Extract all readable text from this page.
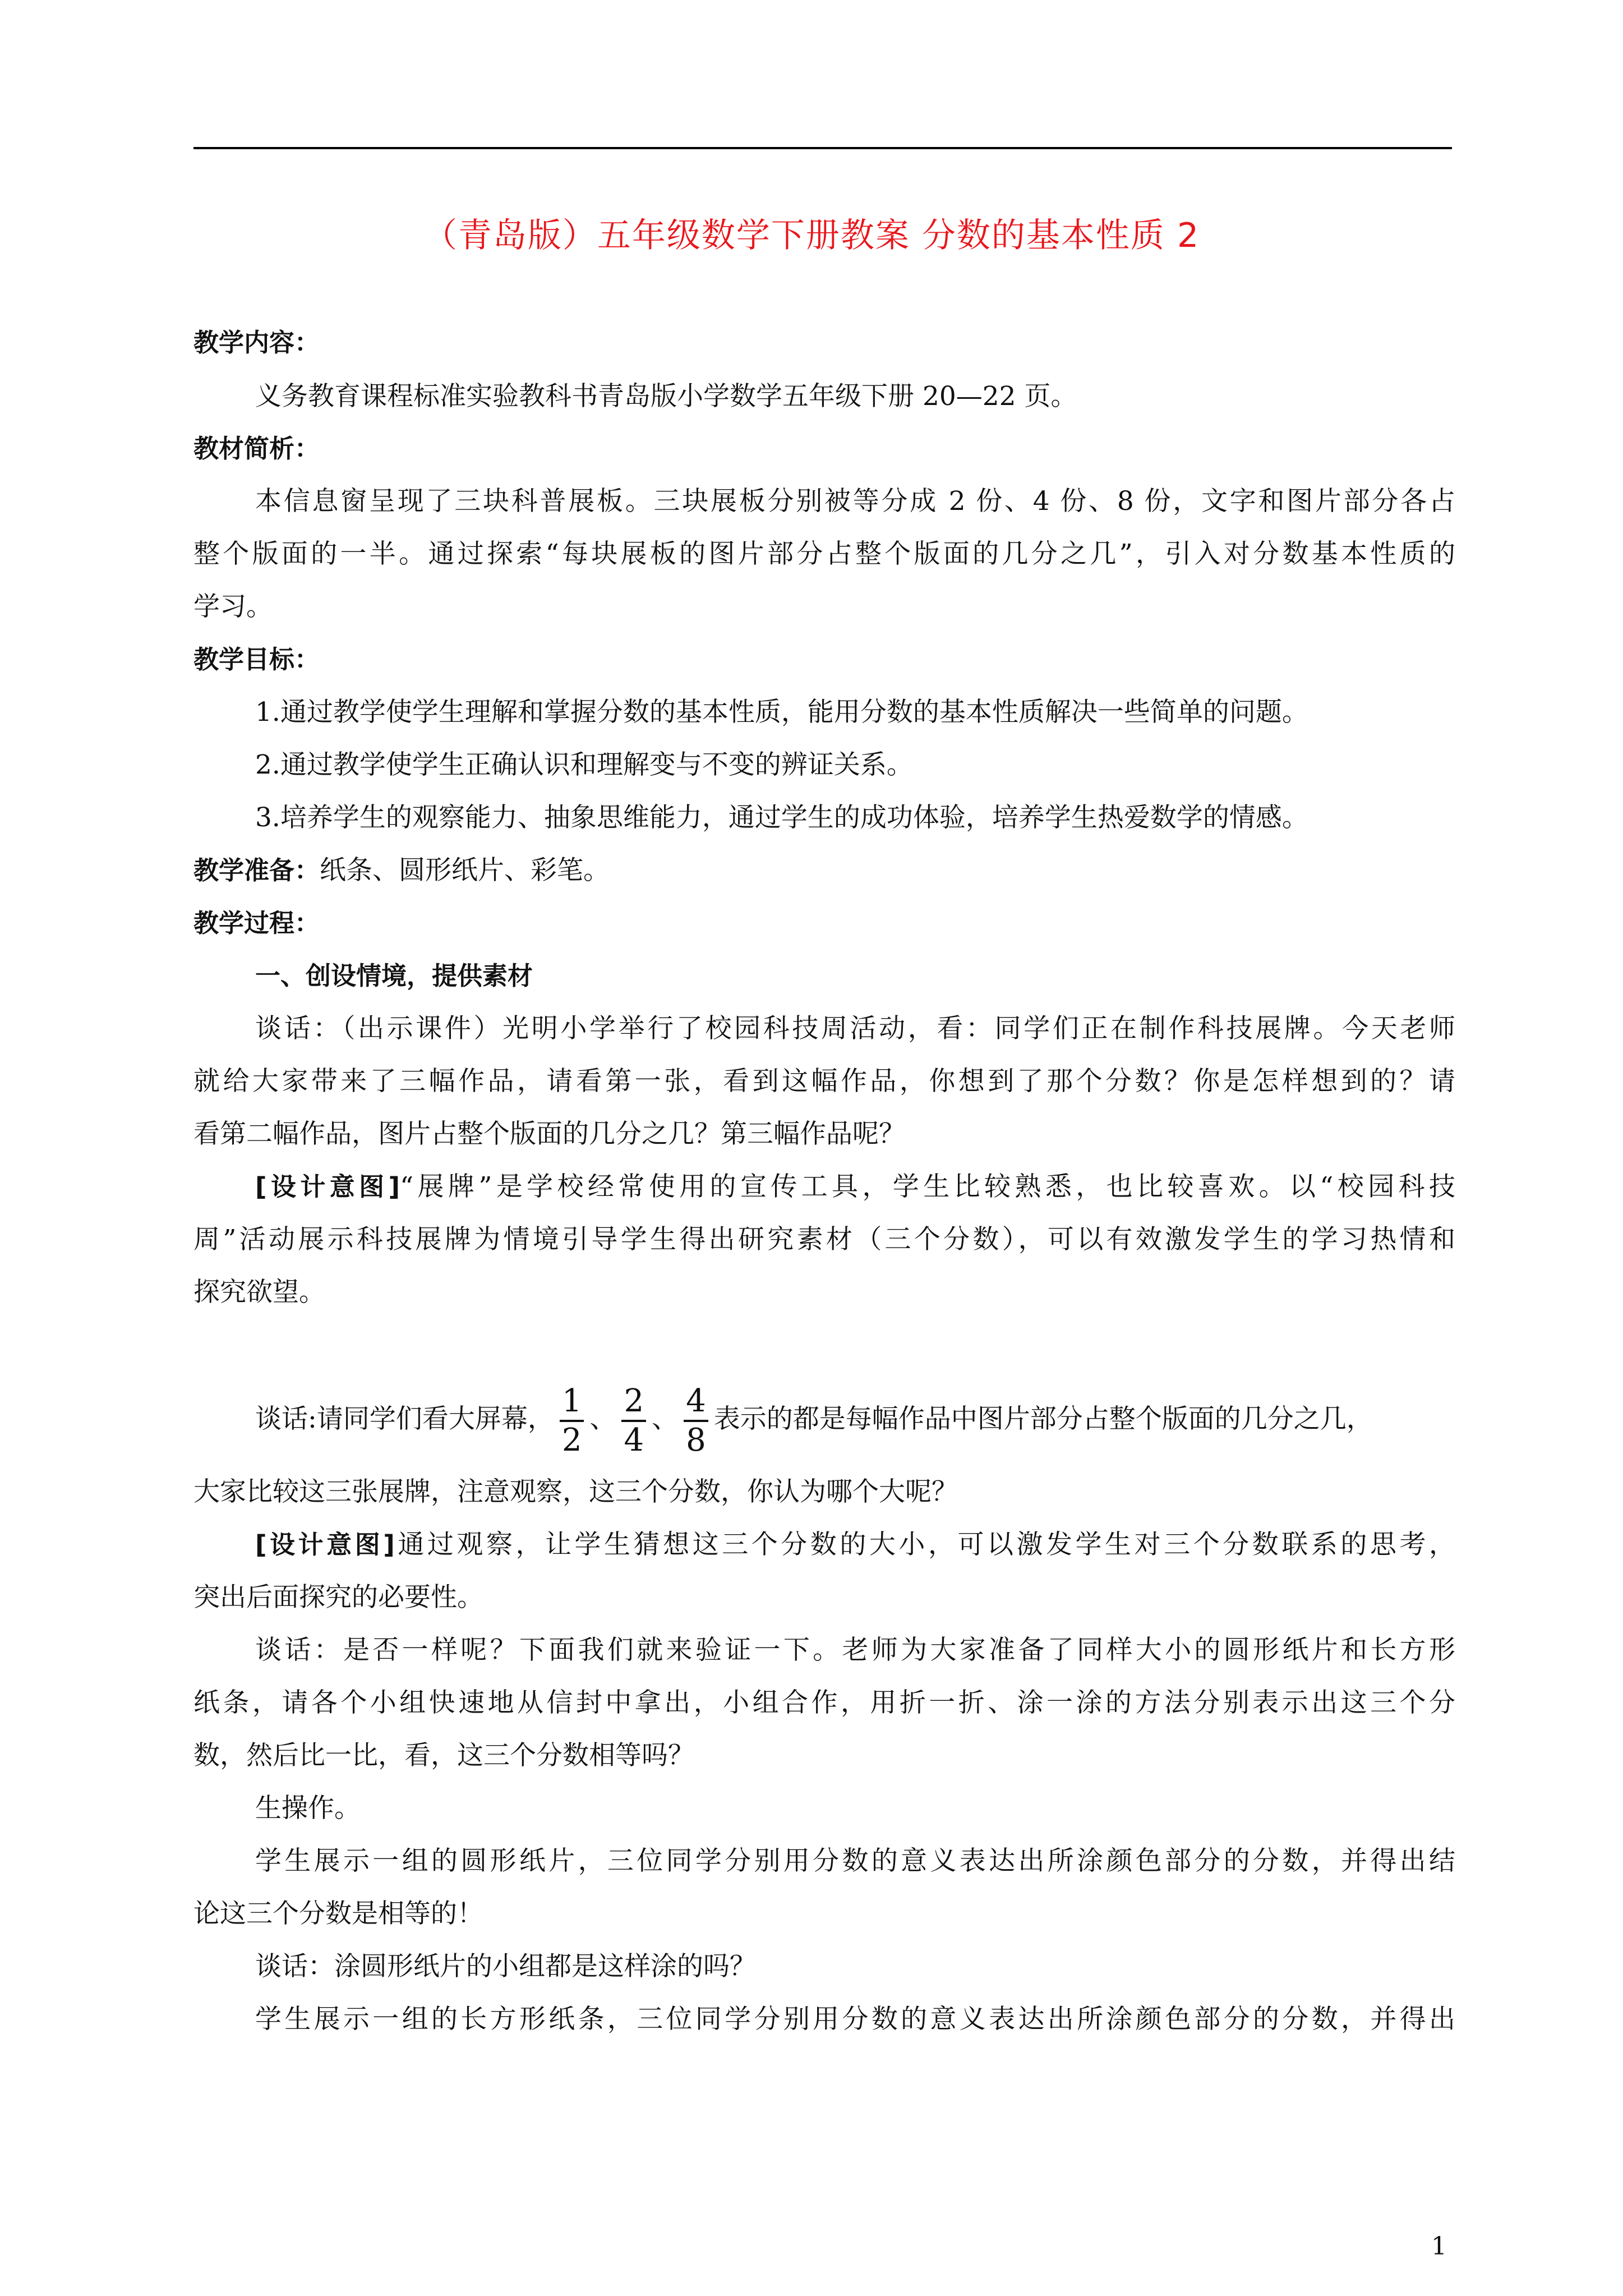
（青岛版）五年级数学下册教案 分数的基本性质 2
教学内容：
义务教育课程标准实验教科书青岛版小学数学五年级下册 20—22 页。
教材简析：
本信息窗呈现了三块科普展板。三块展板分别被等分成 2 份、4 份、8 份，文字和图片部分各占
整个版面的一半。通过探索“每块展板的图片部分占整个版面的几分之几”，引入对分数基本性质的
学习。
教学目标：
1.通过教学使学生理解和掌握分数的基本性质，能用分数的基本性质解决一些简单的问题。
2.通过教学使学生正确认识和理解变与不变的辨证关系。
3.培养学生的观察能力、抽象思维能力，通过学生的成功体验，培养学生热爱数学的情感。
教学准备：纸条、圆形纸片、彩笔。
教学过程：
一、创设情境，提供素材
谈话：（出示课件）光明小学举行了校园科技周活动，看：同学们正在制作科技展牌。今天老师
就给大家带来了三幅作品，请看第一张，看到这幅作品，你想到了那个分数？你是怎样想到的？请
看第二幅作品，图片占整个版面的几分之几？第三幅作品呢？
[设计意图]“展牌”是学校经常使用的宣传工具，学生比较熟悉，也比较喜欢。以“校园科技
周”活动展示科技展牌为情境引导学生得出研究素材（三个分数），可以有效激发学生的学习热情和
探究欲望。
谈话:请同学们看大屏幕， $\frac{1}{2}$ 、 $\frac{2}{4}$ 、 $\frac{4}{8}$ 表示的都是每幅作品中图片部分占整个版面的几分之几，
大家比较这三张展牌，注意观察，这三个分数，你认为哪个大呢？
[设计意图]通过观察，让学生猜想这三个分数的大小，可以激发学生对三个分数联系的思考，
突出后面探究的必要性。
谈话：是否一样呢？下面我们就来验证一下。老师为大家准备了同样大小的圆形纸片和长方形
纸条，请各个小组快速地从信封中拿出，小组合作，用折一折、涂一涂的方法分别表示出这三个分
数，然后比一比，看，这三个分数相等吗？
生操作。
学生展示一组的圆形纸片，三位同学分别用分数的意义表达出所涂颜色部分的分数，并得出结
论这三个分数是相等的！
谈话：涂圆形纸片的小组都是这样涂的吗？
学生展示一组的长方形纸条，三位同学分别用分数的意义表达出所涂颜色部分的分数，并得出
1
